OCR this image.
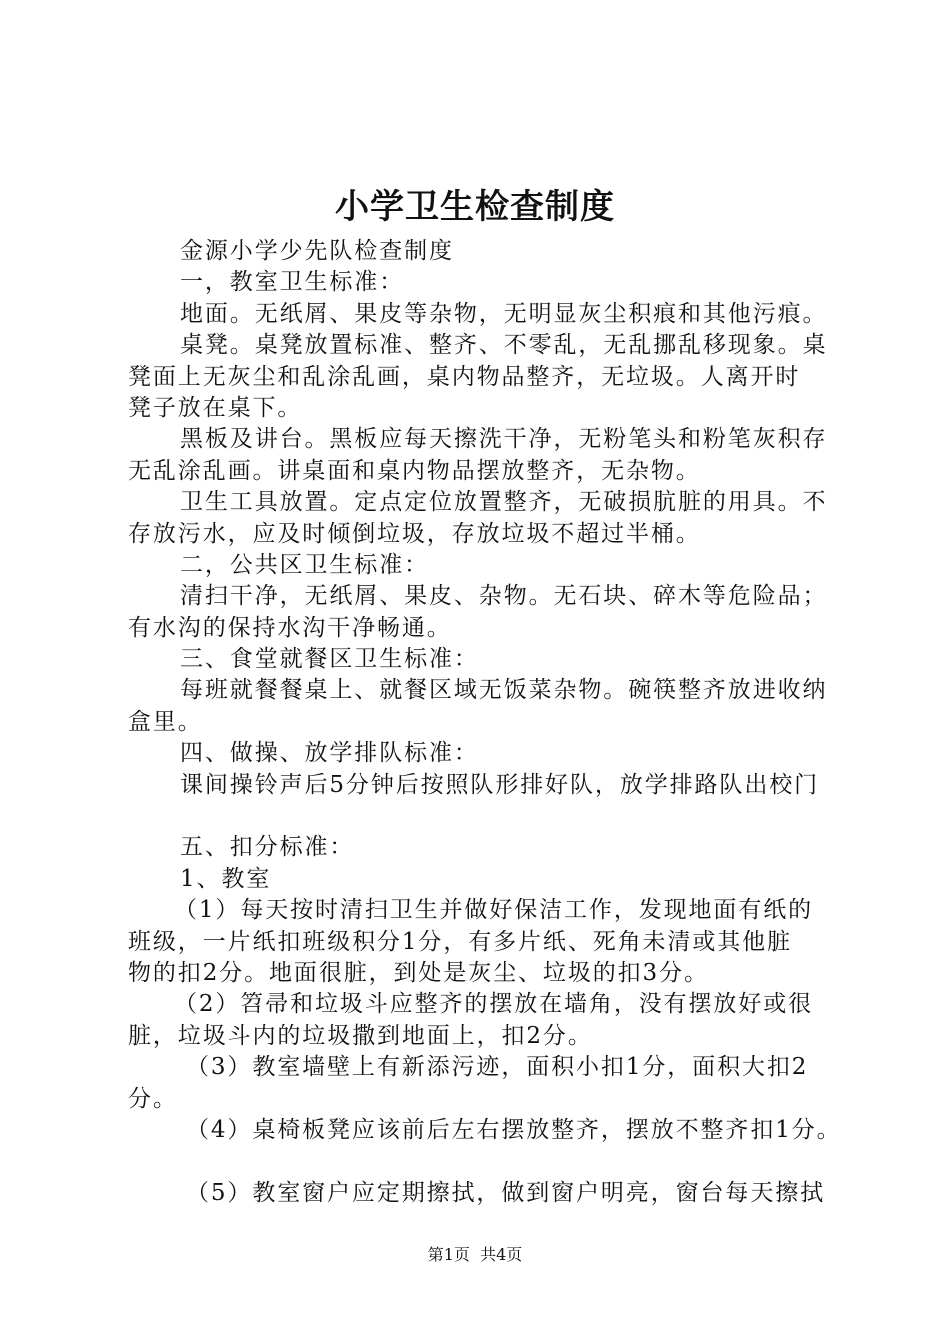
小学卫生检查制度
金源小学少先队检查制度
一，教室卫生标准：
地面。无纸屑、果皮等杂物，无明显灰尘积痕和其他污痕。
桌凳。桌凳放置标准、整齐、不零乱，无乱挪乱移现象。桌
凳面上无灰尘和乱涂乱画，桌内物品整齐，无垃圾。人离开时
凳子放在桌下。
黑板及讲台。黑板应每天擦洗干净，无粉笔头和粉笔灰积存
无乱涂乱画。讲桌面和桌内物品摆放整齐，无杂物。
卫生工具放置。定点定位放置整齐，无破损肮脏的用具。不
存放污水，应及时倾倒垃圾，存放垃圾不超过半桶。
二，公共区卫生标准：
清扫干净，无纸屑、果皮、杂物。无石块、碎木等危险品；
有水沟的保持水沟干净畅通。
三、食堂就餐区卫生标准：
每班就餐餐桌上、就餐区域无饭菜杂物。碗筷整齐放进收纳
盒里。
四、做操、放学排队标准：
课间操铃声后5分钟后按照队形排好队，放学排路队出校门
五、扣分标准：
1、教室
（1）每天按时清扫卫生并做好保洁工作，发现地面有纸的
班级，一片纸扣班级积分1分，有多片纸、死角未清或其他脏
物的扣2分。地面很脏，到处是灰尘、垃圾的扣3分。
（2）笤帚和垃圾斗应整齐的摆放在墙角，没有摆放好或很
脏，垃圾斗内的垃圾撒到地面上，扣2分。
（3）教室墙壁上有新添污迹，面积小扣1分，面积大扣2
分。
（4）桌椅板凳应该前后左右摆放整齐，摆放不整齐扣1分。
（5）教室窗户应定期擦拭，做到窗户明亮，窗台每天擦拭
第1页  共4页
